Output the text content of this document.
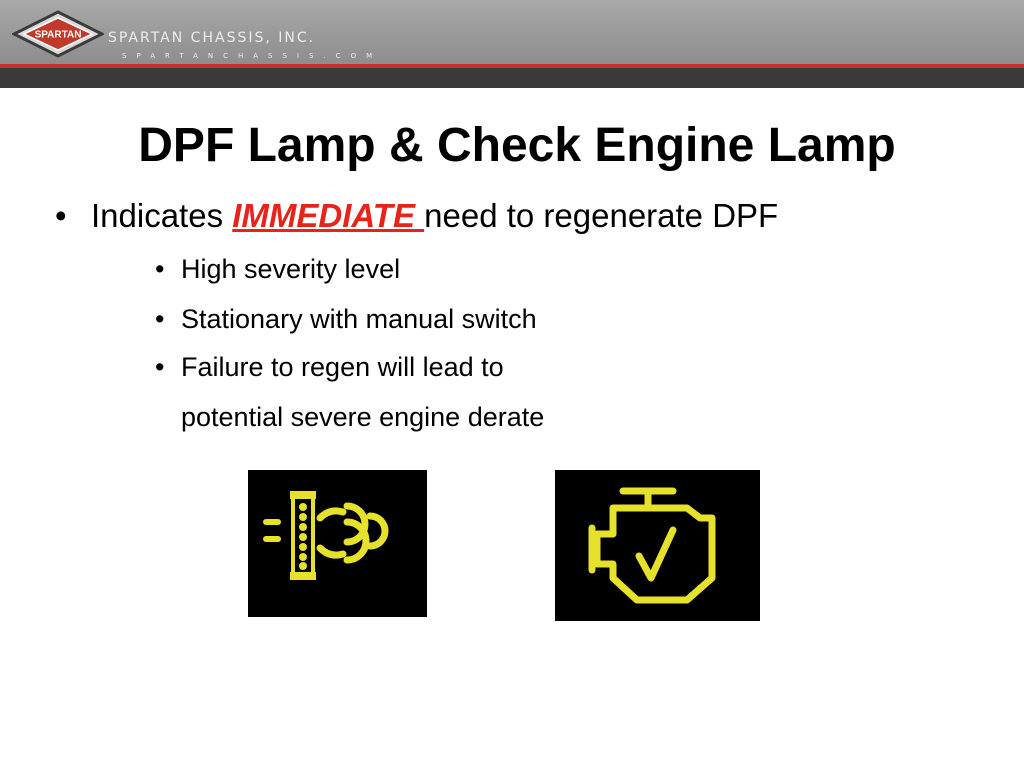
SPARTAN SPARTAN CHASSIS, INC.
SPARTANCHASSIS.COM
DPF Lamp & Check Engine Lamp
• Indicates IMMEDIATE need to regenerate DPF
• High severity level
• Stationary with manual switch
• Failure to regen will lead to
potential severe engine derate
